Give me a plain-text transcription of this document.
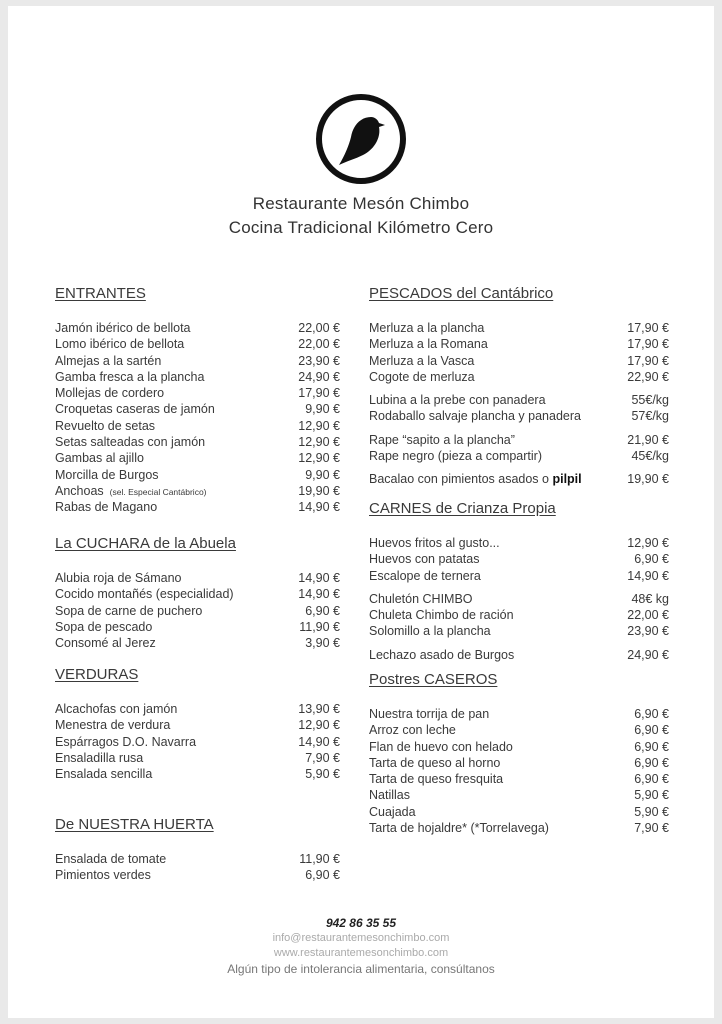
Restaurante Mesón Chimbo
Cocina Tradicional Kilómetro Cero
ENTRANTES
Jamón ibérico de bellota	22,00 €
Lomo ibérico de bellota	22,00 €
Almejas a la sartén	23,90 €
Gamba fresca a la plancha	24,90 €
Mollejas de cordero	17,90 €
Croquetas caseras de jamón	9,90 €
Revuelto de setas	12,90 €
Setas salteadas con jamón	12,90 €
Gambas al ajillo	12,90 €
Morcilla de Burgos	9,90 €
Anchoas (sel. Especial Cantábrico)	19,90 €
Rabas de Magano	14,90 €
La CUCHARA de la Abuela
Alubia roja de Sámano	14,90 €
Cocido montañés (especialidad)	14,90 €
Sopa de carne de puchero	6,90 €
Sopa de pescado	11,90 €
Consomé al Jerez	3,90 €
VERDURAS
Alcachofas con jamón	13,90 €
Menestra de verdura	12,90 €
Espárragos D.O. Navarra	14,90 €
Ensaladilla rusa	7,90 €
Ensalada sencilla	5,90 €
De NUESTRA HUERTA
Ensalada de tomate	11,90 €
Pimientos verdes	6,90 €
PESCADOS del Cantábrico
Merluza a la plancha	17,90 €
Merluza a la Romana	17,90 €
Merluza a la Vasca	17,90 €
Cogote de merluza	22,90 €
Lubina a la prebe con panadera	55€/kg
Rodaballo salvaje plancha y panadera	57€/kg
Rape “sapito a la plancha”	21,90 €
Rape negro (pieza a compartir)	45€/kg
Bacalao con pimientos asados o pilpil	19,90 €
CARNES de Crianza Propia
Huevos fritos al gusto...	12,90 €
Huevos con patatas	6,90 €
Escalope de ternera	14,90 €
Chuletón CHIMBO	48€ kg
Chuleta Chimbo de ración	22,00 €
Solomillo a la plancha	23,90 €
Lechazo asado de Burgos	24,90 €
Postres CASEROS
Nuestra torrija de pan	6,90 €
Arroz con leche	6,90 €
Flan de huevo con helado	6,90 €
Tarta de queso al horno	6,90 €
Tarta de queso fresquita	6,90 €
Natillas	5,90 €
Cuajada	5,90 €
Tarta de hojaldre* (*Torrelavega)	7,90 €
942 86 35 55
info@restaurantemesonchimbo.com
www.restaurantemesonchimbo.com
Algún tipo de intolerancia alimentaria, consúltanos
